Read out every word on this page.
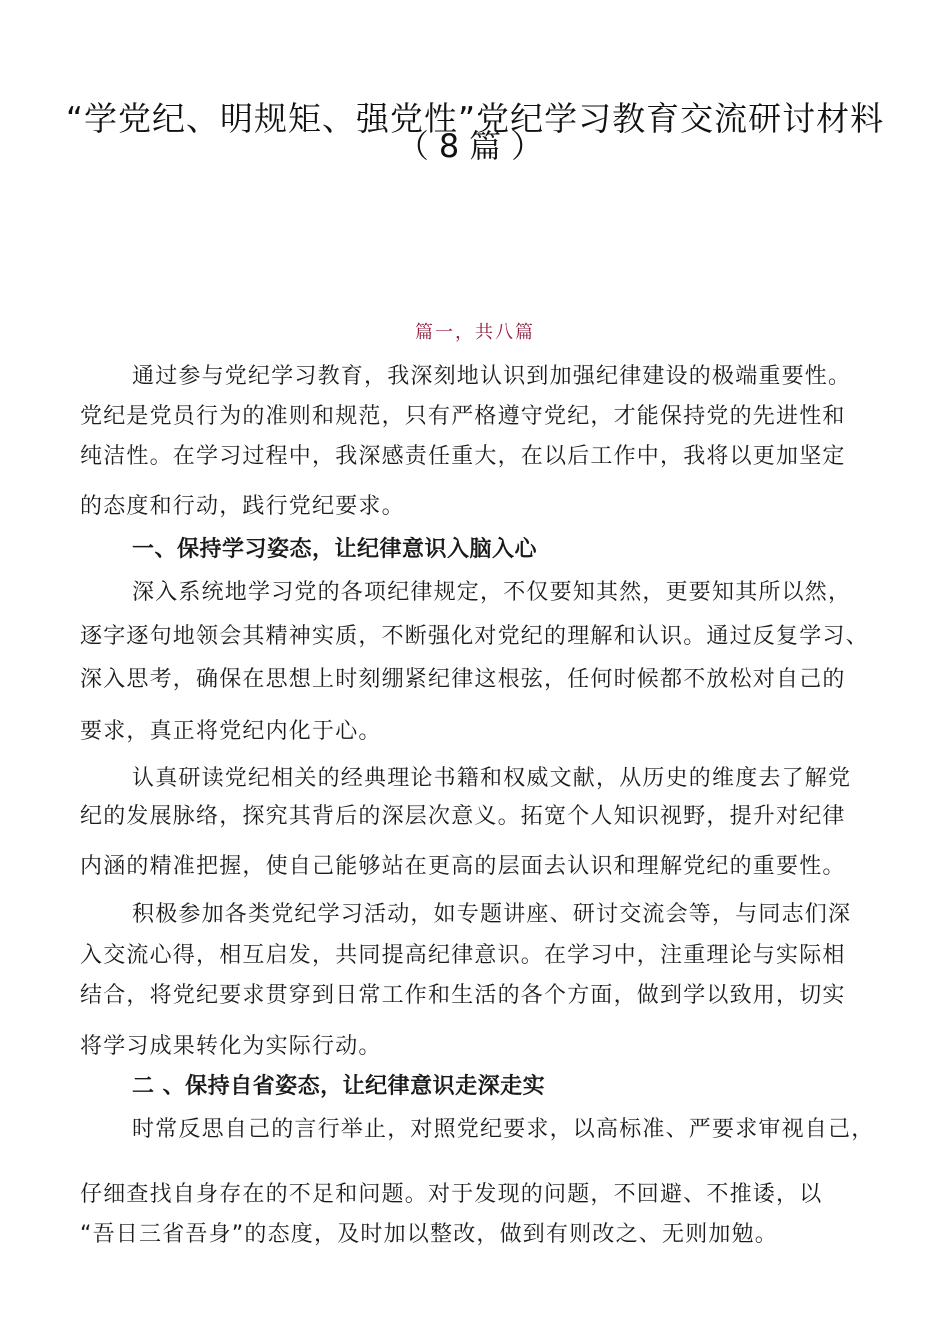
“学党纪、明规矩、强党性”党纪学习教育交流研讨材料
（8篇）
篇一，共八篇
通过参与党纪学习教育，我深刻地认识到加强纪律建设的极端重要性。
党纪是党员行为的准则和规范，只有严格遵守党纪，才能保持党的先进性和
纯洁性。在学习过程中，我深感责任重大，在以后工作中，我将以更加坚定
的态度和行动，践行党纪要求。
一、保持学习姿态，让纪律意识入脑入心
深入系统地学习党的各项纪律规定，不仅要知其然，更要知其所以然，
逐字逐句地领会其精神实质，不断强化对党纪的理解和认识。通过反复学习、
深入思考，确保在思想上时刻绷紧纪律这根弦，任何时候都不放松对自己的
要求，真正将党纪内化于心。
认真研读党纪相关的经典理论书籍和权威文献，从历史的维度去了解党
纪的发展脉络，探究其背后的深层次意义。拓宽个人知识视野，提升对纪律
内涵的精准把握，使自己能够站在更高的层面去认识和理解党纪的重要性。
积极参加各类党纪学习活动，如专题讲座、研讨交流会等，与同志们深
入交流心得，相互启发，共同提高纪律意识。在学习中，注重理论与实际相
结合，将党纪要求贯穿到日常工作和生活的各个方面，做到学以致用，切实
将学习成果转化为实际行动。
二 、保持自省姿态，让纪律意识走深走实
时常反思自己的言行举止，对照党纪要求，以高标准、严要求审视自己，
仔细查找自身存在的不足和问题。对于发现的问题，不回避、不推诿，以
“吾日三省吾身”的态度，及时加以整改，做到有则改之、无则加勉。
